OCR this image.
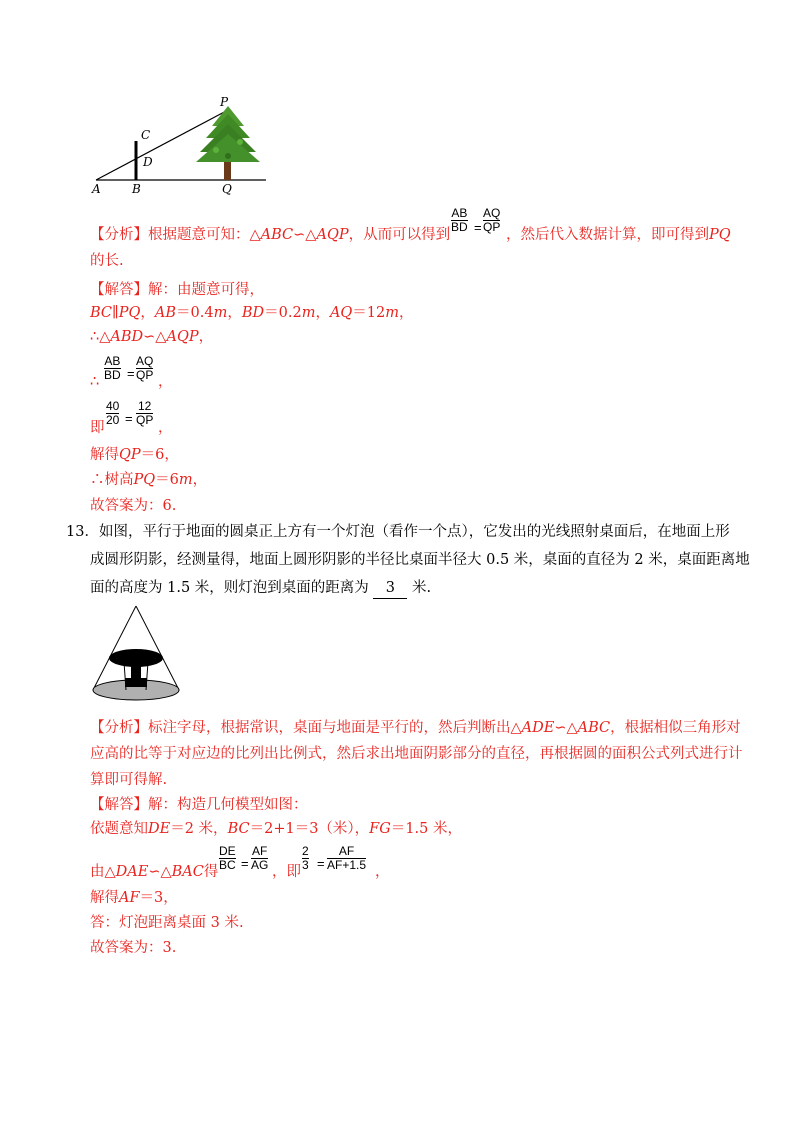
P
C
D
A	B	Q
【分析】根据题意可知：△ABC∽△AQP，从而可以得到
AB
BD =
AQ
QP ，然后代入数据计算，即可得到PQ
的长.
【解答】解：由题意可得，
BC∥PQ，AB＝0.4m，BD＝0.2m，AQ＝12m，
∴△ABD∽△AQP，
∴
AB
BD =
AQ
QP ，
即
40
20 =
12
QP ，
解得QP＝6，
∴树高PQ＝6m，
故答案为：6.
13．如图，平行于地面的圆桌正上方有一个灯泡（看作一个点），它发出的光线照射桌面后，在地面上形
成圆形阴影，经测量得，地面上圆形阴影的半径比桌面半径大 0.5 米，桌面的直径为 2 米，桌面距离地
面的高度为 1.5 米，则灯泡到桌面的距离为 3 米.
【分析】标注字母，根据常识，桌面与地面是平行的，然后判断出△ADE∽△ABC，根据相似三角形对
应高的比等于对应边的比列出比例式，然后求出地面阴影部分的直径，再根据圆的面积公式列式进行计
算即可得解.
【解答】解：构造几何模型如图：
依题意知DE＝2 米，BC＝2+1＝3（米），FG＝1.5 米，
由△DAE∽△BAC得
DE
BC =
AF
AG ，即
2
3 =
AF
AF+1.5 ，
解得AF＝3，
答：灯泡距离桌面 3 米.
故答案为：3.
